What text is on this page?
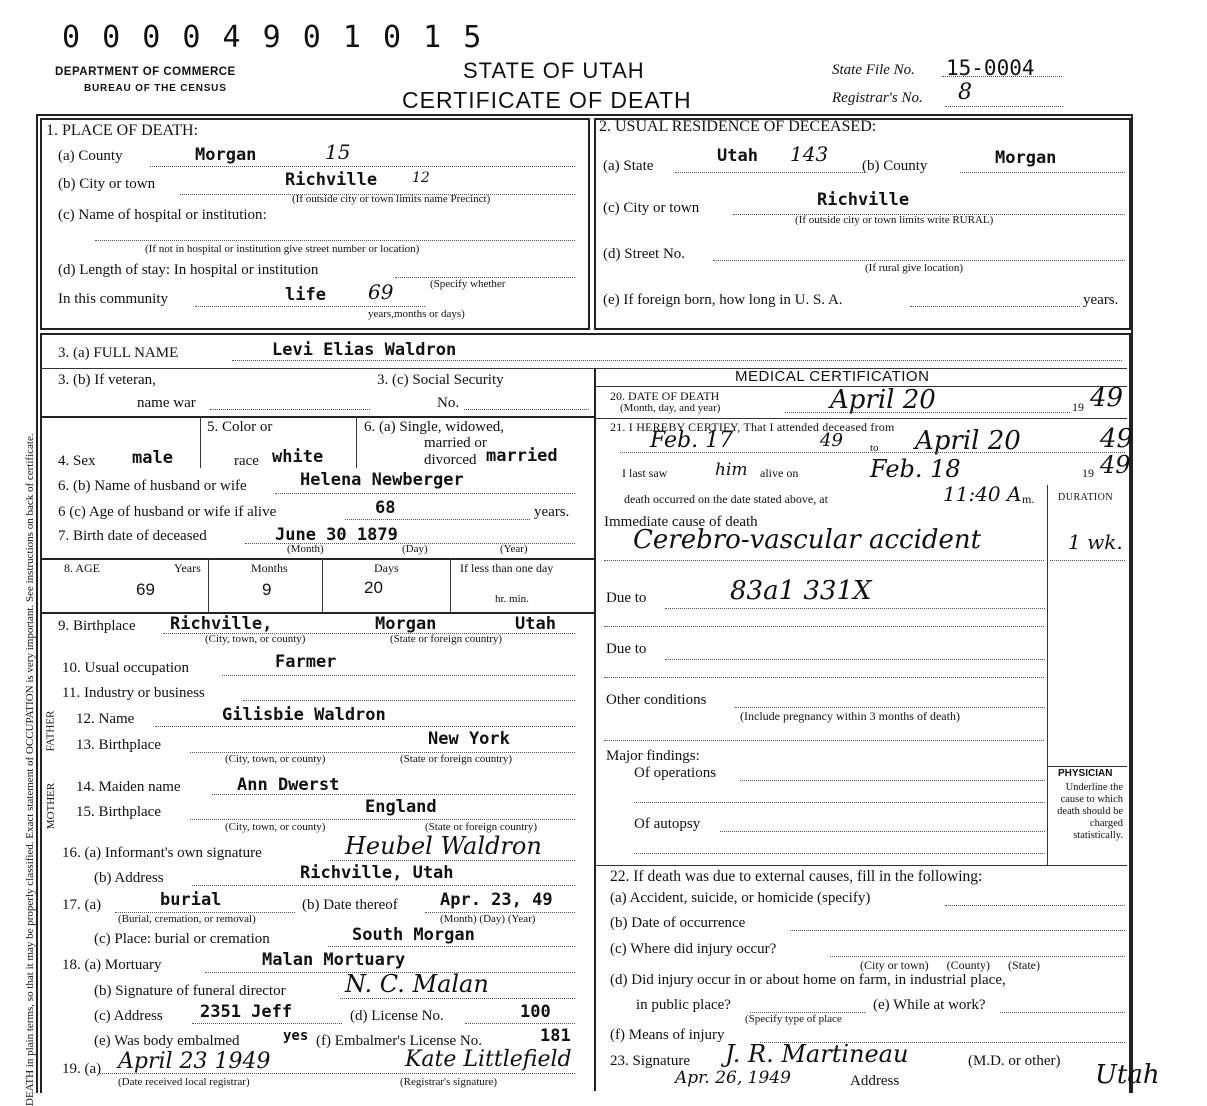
DEATH in plain terms, so that it may be properly classified. Exact statement of OCCUPATION is very important. See instructions on back of certificate.
0 0 0 0 4 9 0 1 0 1 5
DEPARTMENT OF COMMERCE
BUREAU OF THE CENSUS
STATE OF UTAH
CERTIFICATE OF DEATH
State File No. 15-0004
Registrar's No. 8
1. PLACE OF DEATH:
(a) County	Morgan	15
(b) City or town	Richville 12
(If outside city or town limits name Precinct)
(c) Name of hospital or institution:
(If not in hospital or institution give street number or location)
(d) Length of stay: In hospital or institution
In this community	life 69	(Specify whether
years,months or days)
2. USUAL RESIDENCE OF DECEASED:
(a) State	Utah 143 (b) County	Morgan
(c) City or town	Richville
(If outside city or town limits write RURAL)
(d) Street No.
(If rural give location)
(e) If foreign born, how long in U. S. A.	years.
3. (a) FULL NAME	Levi Elias Waldron
3. (b) If veteran,
name war
3. (c) Social Security
No.
4. Sex male
5. Color or
race white
6. (a) Single, widowed,
married or
divorced married
6. (b) Name of husband or wife	Helena Newberger
6 (c) Age of husband or wife if alive	68	years.
7. Birth date of deceased	June 30 1879
(Month)	(Day)	(Year)
8. AGE	Years	Months	Days	If less than one day
69	9	20
hr. min.
9. Birthplace Richville,	Morgan	Utah
(City, town, or county)	(State or foreign country)
10. Usual occupation	Farmer
11. Industry or business
FATHER
MOTHER
12. Name	Gilisbie Waldron
13. Birthplace	New York
(City, town, or county)	(State or foreign country)
14. Maiden name	Ann Dwerst
15. Birthplace	England
(City, town, or county)	(State or foreign country)
16. (a) Informant's own signature	Heubel Waldron
(b) Address	Richville, Utah
17. (a)	burial
(Burial, cremation, or removal)
(b) Date thereof Apr. 23, 49
(Month) (Day) (Year)
(c) Place: burial or cremation	South Morgan
18. (a) Mortuary	Malan Mortuary
(b) Signature of funeral director N. C. Malan
(c) Address 2351 Jeff	(d) License No.	100
(e) Was body embalmed	yes (f) Embalmer's License No.	181
19. (a) April 23 1949	Kate Littlefield
(Date received local registrar)	(Registrar's signature)
MEDICAL CERTIFICATION
20. DATE OF DEATH
(Month, day, and year)	April 20	19 49
21. I HEREBY CERTIFY, That I attended deceased from
Feb. 17	49 to April 20	49
I last saw	him alive on	Feb. 18	19 49
death occurred on the date stated above, at	11:40 A m. DURATION
Immediate cause of death
Cerebro-vascular accident	1 wk.
Due to	83a1 331X
Due to
Other conditions
(Include pregnancy within 3 months of death)
Major findings:
Of operations
Of autopsy
PHYSICIAN
Underline the cause to which death should be charged statistically.
22. If death was due to external causes, fill in the following:
(a) Accident, suicide, or homicide (specify)
(b) Date of occurrence
(c) Where did injury occur?
(City or town)      (County)      (State)
(d) Did injury occur in or about home on farm, in industrial place,
in public place?
(Specify type of place
(e) While at work?
(f) Means of injury
23. Signature J. R. Martineau	(M.D. or other)
Apr. 26, 1949	Address	Utah
